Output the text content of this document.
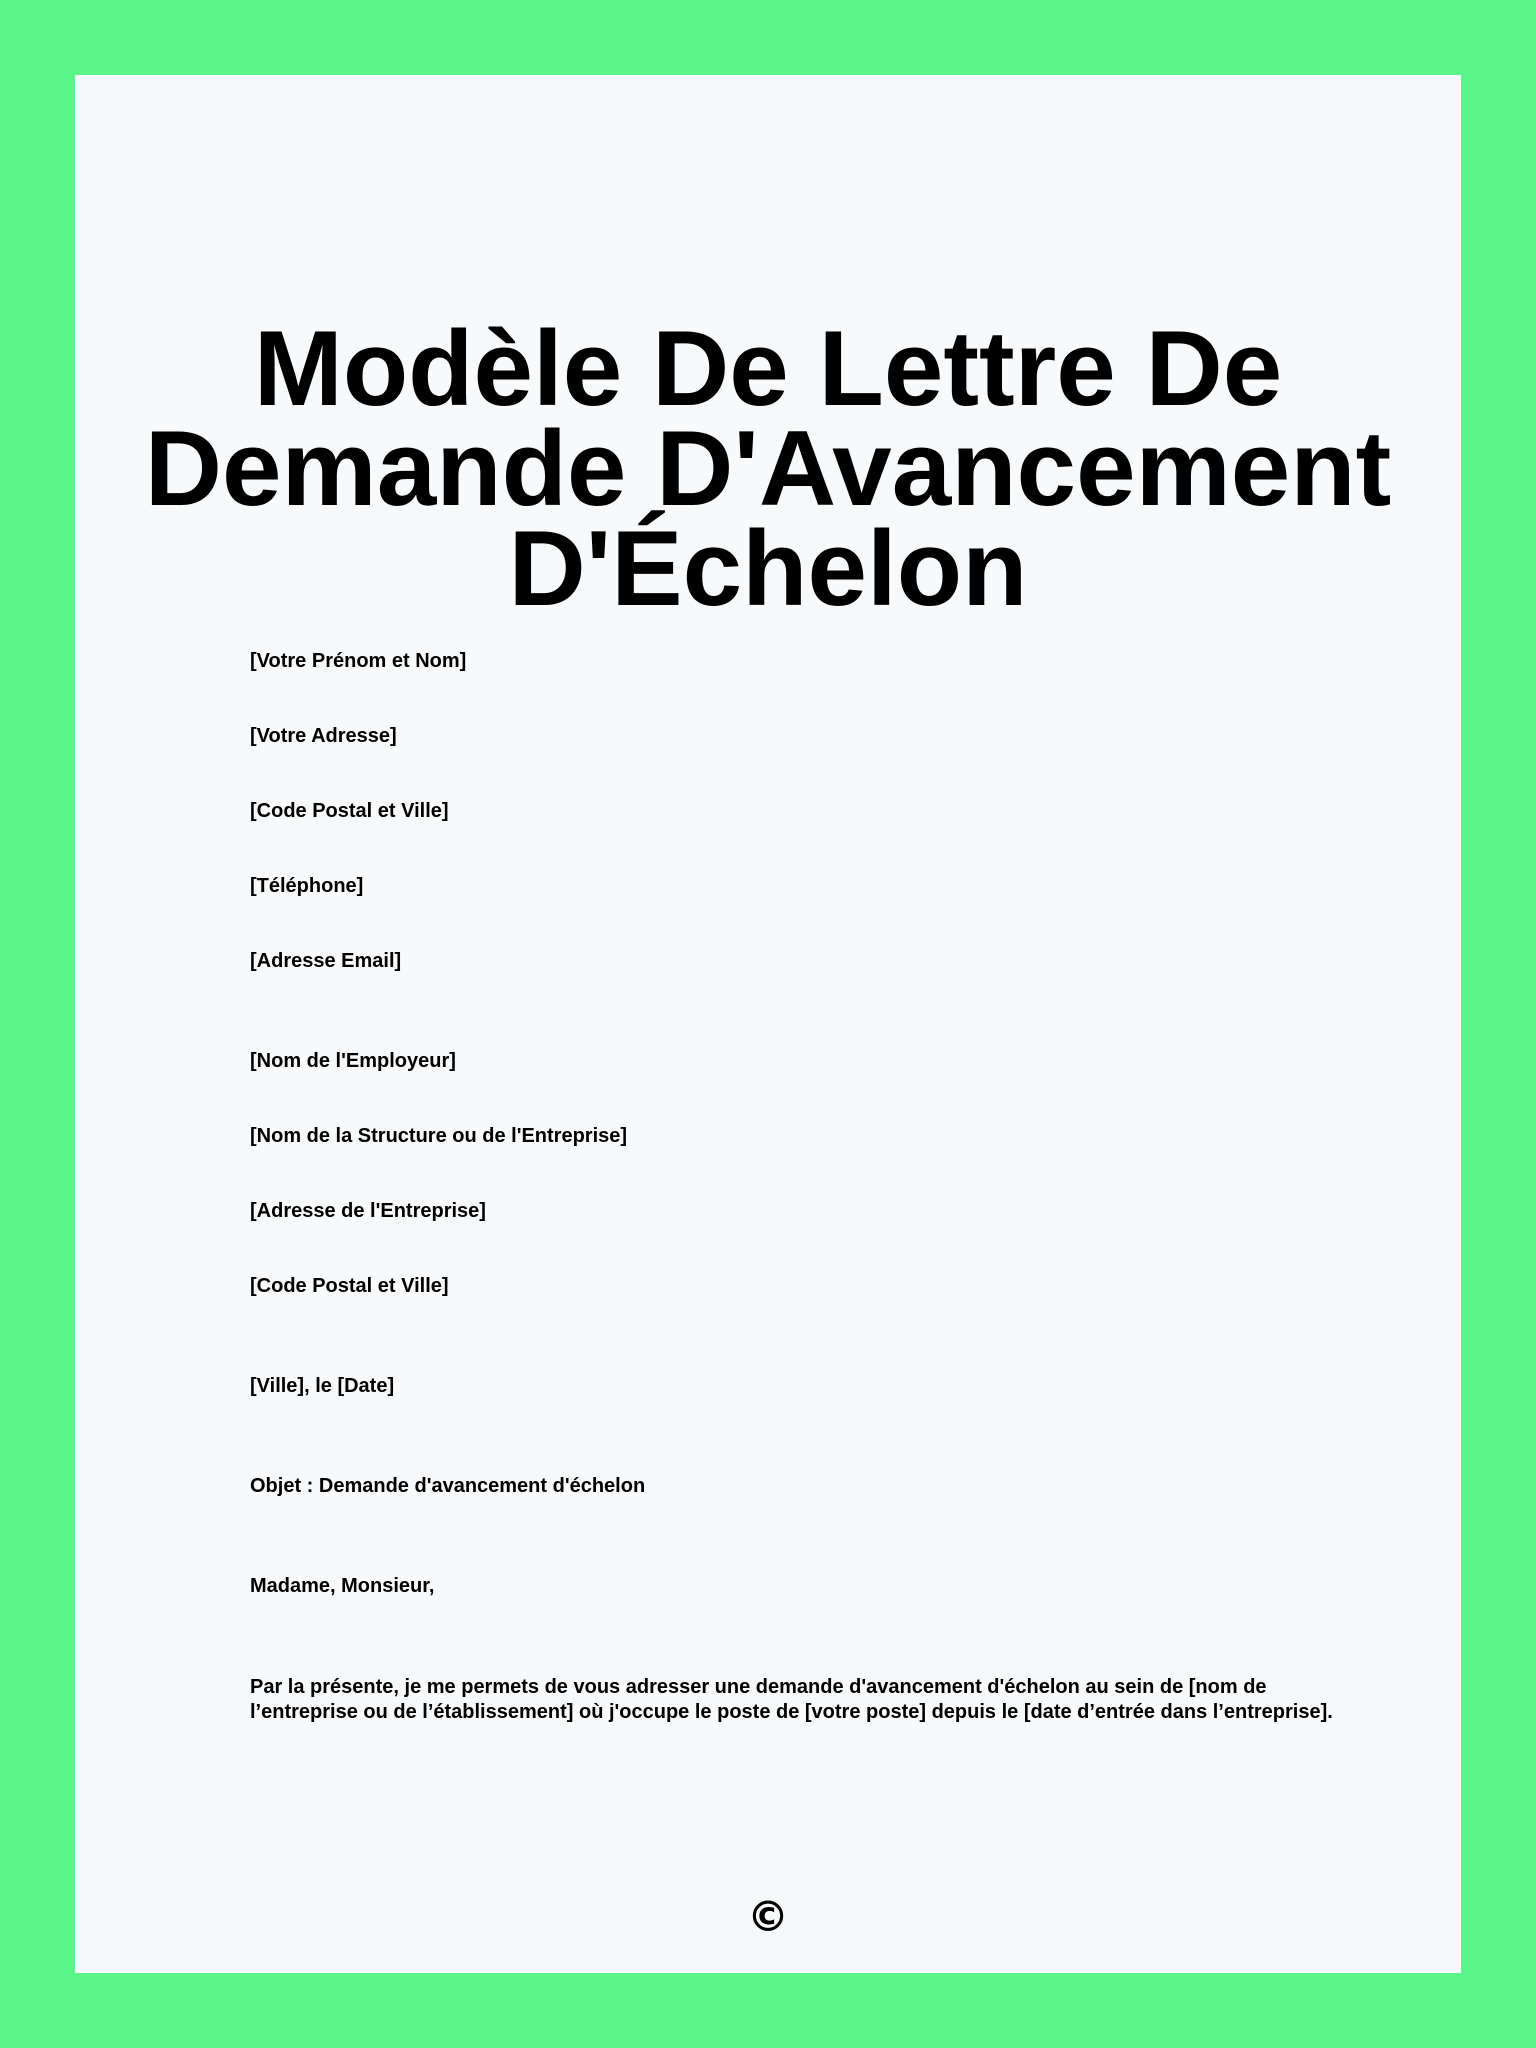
Modèle De Lettre De
Demande D'Avancement
D'Échelon

[Votre Prénom et Nom]

[Votre Adresse]

[Code Postal et Ville]

[Téléphone]

[Adresse Email]

[Nom de l'Employeur]

[Nom de la Structure ou de l'Entreprise]

[Adresse de l'Entreprise]

[Code Postal et Ville]

[Ville], le [Date]

Objet : Demande d'avancement d'échelon

Madame, Monsieur,

Par la présente, je me permets de vous adresser une demande d'avancement d'échelon au sein de [nom de l’entreprise ou de l’établissement] où j'occupe le poste de [votre poste] depuis le [date d’entrée dans l’entreprise].

©
